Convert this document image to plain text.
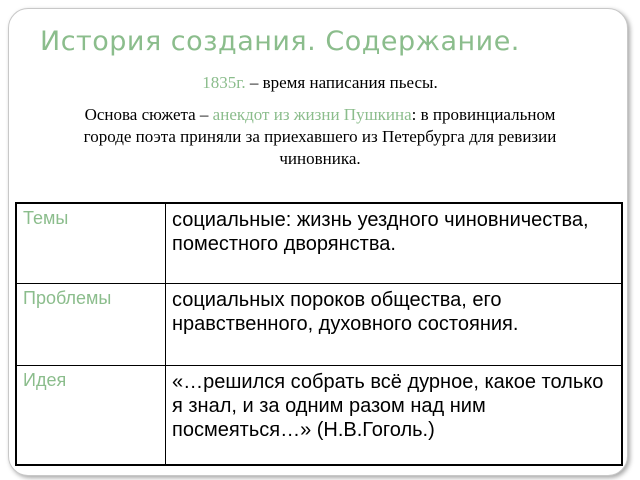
История создания. Содержание.
1835г. – время написания пьесы.
Основа сюжета – анекдот из жизни Пушкина: в провинциальном городе поэта приняли за приехавшего из Петербурга для ревизии чиновника.
Темы	социальные: жизнь уездного чиновничества, поместного дворянства.
Проблемы	социальных пороков общества, его нравственного, духовного состояния.
Идея	«…решился собрать всё дурное, какое только я знал, и за одним разом над ним посмеяться…» (Н.В.Гоголь.)
